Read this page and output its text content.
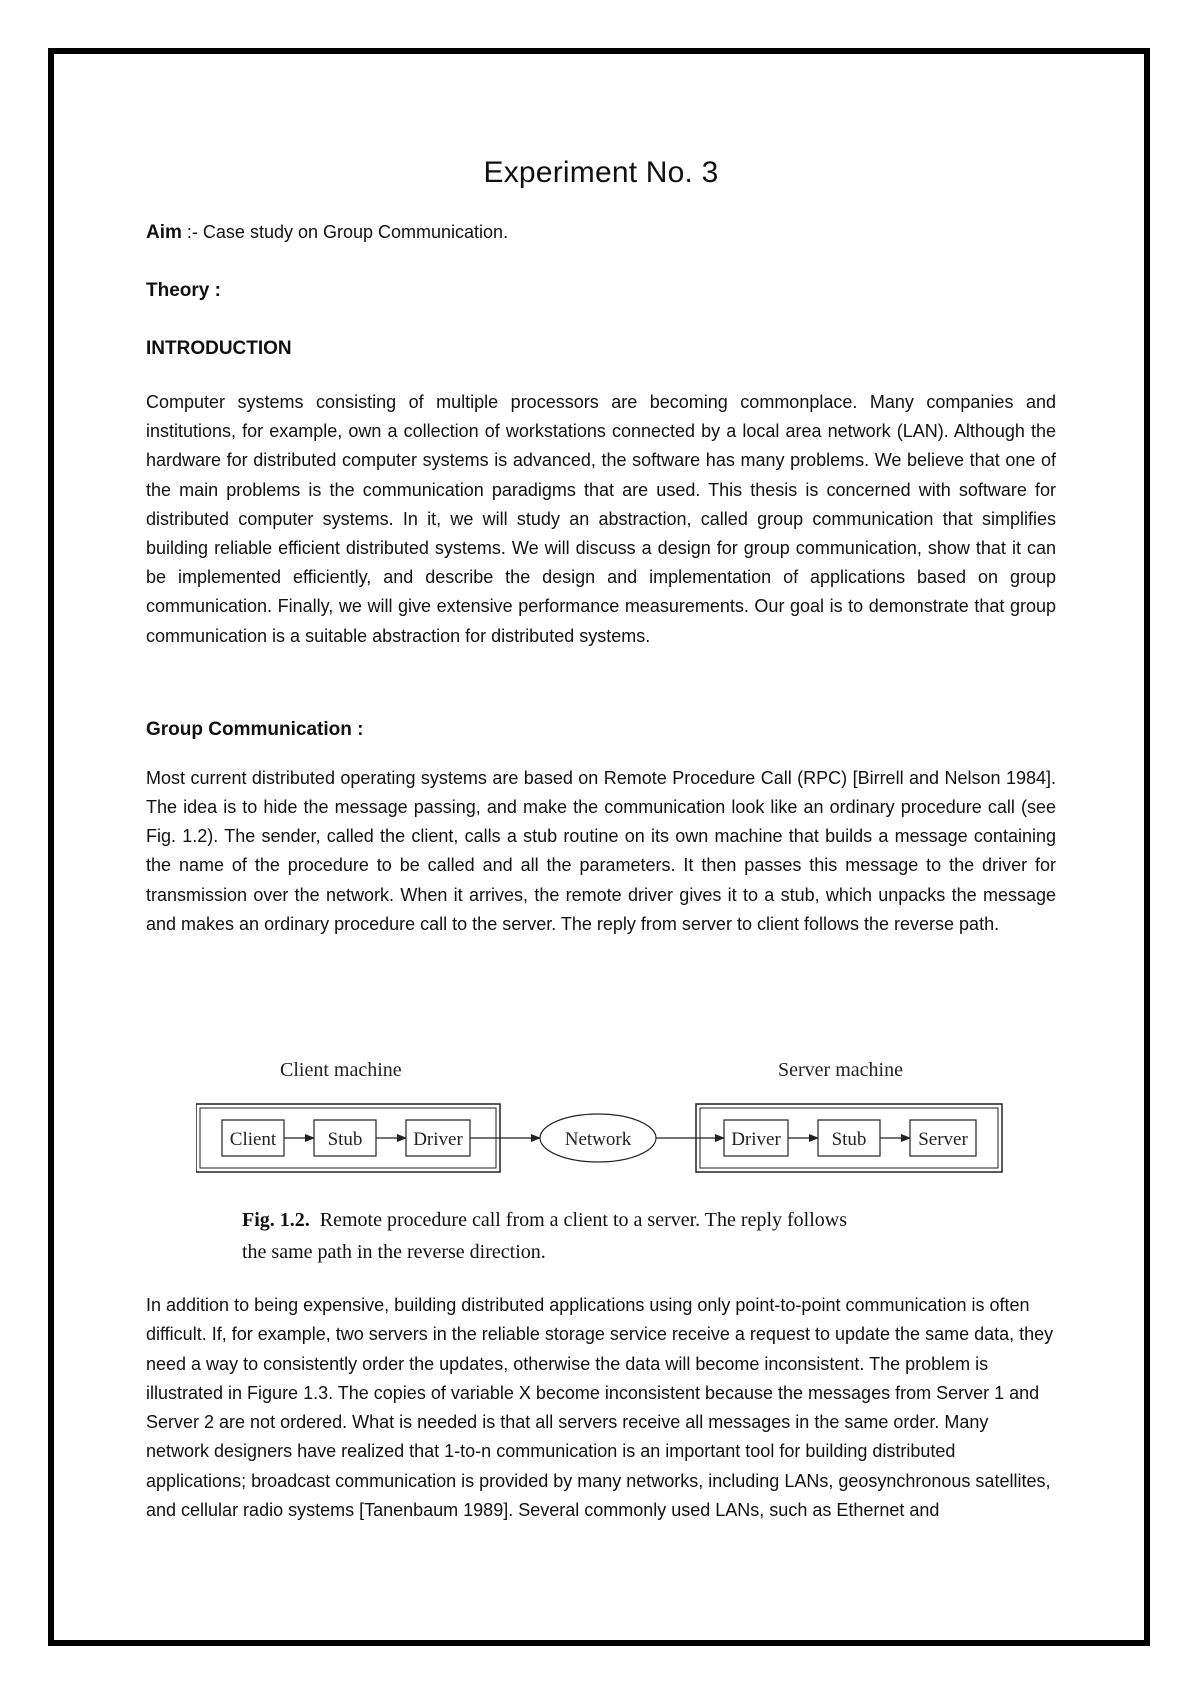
Experiment No. 3

Aim :- Case study on Group Communication.

Theory :

INTRODUCTION

Computer systems consisting of multiple processors are becoming commonplace. Many companies and institutions, for example, own a collection of workstations connected by a local area network (LAN). Although the hardware for distributed computer systems is advanced, the software has many problems. We believe that one of the main problems is the communication paradigms that are used. This thesis is concerned with software for distributed computer systems. In it, we will study an abstraction, called group communication that simplifies building reliable efficient distributed systems. We will discuss a design for group communication, show that it can be implemented efficiently, and describe the design and implementation of applications based on group communication. Finally, we will give extensive performance measurements. Our goal is to demonstrate that group communication is a suitable abstraction for distributed systems.

Group Communication :

Most current distributed operating systems are based on Remote Procedure Call (RPC) [Birrell and Nelson 1984]. The idea is to hide the message passing, and make the communication look like an ordinary procedure call (see Fig. 1.2). The sender, called the client, calls a stub routine on its own machine that builds a message containing the name of the procedure to be called and all the parameters. It then passes this message to the driver for transmission over the network. When it arrives, the remote driver gives it to a stub, which unpacks the message and makes an ordinary procedure call to the server. The reply from server to client follows the reverse path.

Client machine	Server machine
Client	Stub	Driver	Network	Driver	Stub	Server
Fig. 1.2. Remote procedure call from a client to a server. The reply follows
the same path in the reverse direction.

In addition to being expensive, building distributed applications using only point-to-point communication is often difficult. If, for example, two servers in the reliable storage service receive a request to update the same data, they need a way to consistently order the updates, otherwise the data will become inconsistent. The problem is illustrated in Figure 1.3. The copies of variable X become inconsistent because the messages from Server 1 and Server 2 are not ordered. What is needed is that all servers receive all messages in the same order. Many network designers have realized that 1-to-n communication is an important tool for building distributed applications; broadcast communication is provided by many networks, including LANs, geosynchronous satellites, and cellular radio systems [Tanenbaum 1989]. Several commonly used LANs, such as Ethernet and
